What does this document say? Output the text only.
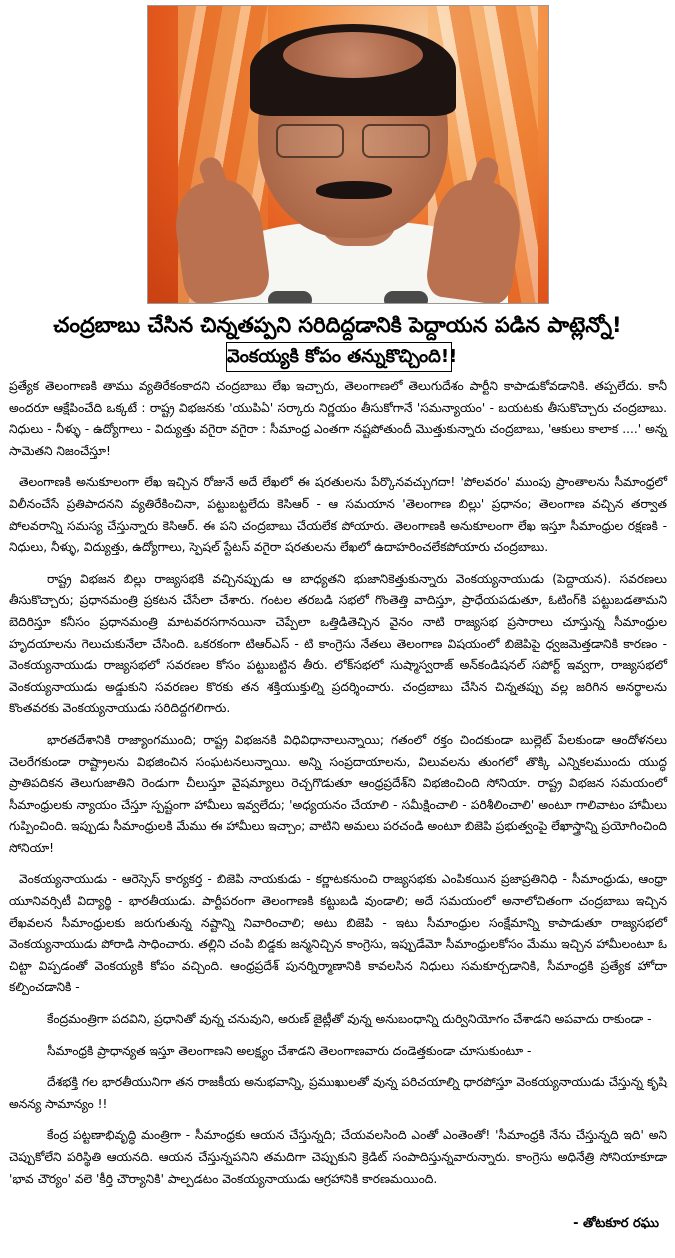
చంద్రబాబు చేసిన చిన్నతప్పని సరిదిద్దడానికి పెద్దాయన పడిన పాట్లెన్నో!
వెంకయ్యకి కోపం తన్నుకొచ్చింది!!

ప్రత్యేక తెలంగాణకి తాము వ్యతిరేకంకాదని చంద్రబాబు లేఖ ఇచ్చారు, తెలంగాణలో తెలుగుదేశం పార్టీని కాపాడుకోవడానికి. తప్పలేదు. కానీ అందరూ ఆక్షేపించేది ఒక్కటే : రాష్ట్ర విభజనకు 'యుపిఏ' సర్కారు నిర్ణయం తీసుకోగానే 'సమన్యాయం' - బయటకు తీసుకొచ్చారు చంద్రబాబు. నిధులు - నీళ్ళు - ఉద్యోగాలు - విద్యుత్తు వగైరా వగైరా : సీమాంధ్ర ఎంతగా నష్టపోతుందీ మొత్తుకున్నారు చంద్రబాబు, 'ఆకులు కాలాక ....' అన్న సామెతని నిజంచేస్తూ!

తెలంగాణకి అనుకూలంగా లేఖ ఇచ్చిన రోజునే అదే లేఖలో ఈ షరతులను పేర్కొనవచ్చుగదా! 'పోలవరం' ముంపు ప్రాంతాలను సీమాంధ్రలో విలీనంచేసే ప్రతిపాదనని వ్యతిరేకించినా, పట్టుబట్టలేదు కెసిఆర్ - ఆ సమయాన 'తెలంగాణ బిల్లు' ప్రధానం; తెలంగాణ వచ్చిన తర్వాత పోలవరాన్ని సమస్య చేస్తున్నారు కెసిఆర్. ఈ పని చంద్రబాబు చేయలేక పోయారు. తెలంగాణకి అనుకూలంగా లేఖ ఇస్తూ సీమాంధ్రుల రక్షణకి - నిధులు, నీళ్ళు, విద్యుత్తు, ఉద్యోగాలు, స్పెషల్ స్టేటస్ వగైరా షరతులను లేఖలో ఉదాహరించలేకపోయారు చంద్రబాబు.

రాష్ట్ర విభజన బిల్లు రాజ్యసభకి వచ్చినప్పుడు ఆ బాధ్యతని భుజానికెత్తుకున్నారు వెంకయ్యనాయుడు (పెద్దాయన). సవరణలు తీసుకొచ్చారు; ప్రధానమంత్రి ప్రకటన చేసేలా చేశారు. గంటల తరబడి సభలో గొంతెత్తి వాదిస్తూ, ప్రాధేయపడుతూ, ఓటింగ్‌కి పట్టుబడతామని బెదిరిస్తూ కనీసం ప్రధానమంత్రి మాటవరసగానయినా చెప్పేలా ఒత్తిడితెచ్చిన వైనం నాటి రాజ్యసభ ప్రసారాలు చూస్తున్న సీమాంధ్రుల హృదయాలను గెలుచుకునేలా చేసింది. ఒకరకంగా టిఆర్‌ఎస్ - టి కాంగ్రెసు నేతలు తెలంగాణ విషయంలో బిజెపిపై ధ్వజమెత్తడానికి కారణం - వెంకయ్యనాయుడు రాజ్యసభలో సవరణల కోసం పట్టుబట్టిన తీరు. లోక్‌సభలో సుష్మాస్వరాజ్ అన్‌కండిషనల్ సపోర్ట్ ఇవ్వగా, రాజ్యసభలో వెంకయ్యనాయుడు అడ్డుకుని సవరణల కొరకు తన శక్తియుక్తుల్ని ప్రదర్శించారు. చంద్రబాబు చేసిన చిన్నతప్పు వల్ల జరిగిన అనర్థాలను కొంతవరకు వెంకయ్యనాయుడు సరిదిద్దగలిగారు.

భారతదేశానికి రాజ్యాంగముంది; రాష్ట్ర విభజనకి విధివిధానాలున్నాయి; గతంలో రక్తం చిందకుండా బుల్లెట్ పేలకుండా ఆందోళనలు చెలరేగకుండా రాష్ట్రాలను విభజించిన సంఘటనలున్నాయి. అన్ని సంప్రదాయాలను, విలువలను తుంగలో తొక్కి ఎన్నికలముందు యుద్ధ ప్రాతిపదికన తెలుగుజాతిని రెండుగా చీలుస్తూ వైషమ్యాలు రెచ్చగొడుతూ ఆంధ్రప్రదేశ్‌ని విభజించింది సోనియా. రాష్ట్ర విభజన సమయంలో సీమాంధ్రులకు న్యాయం చేస్తూ స్పష్టంగా హామీలు ఇవ్వలేదు; 'అధ్యయనం చేయాలి - సమీక్షించాలి - పరిశీలించాలి' అంటూ గాలివాటం హామీలు గుప్పించింది. ఇప్పుడు సీమాంధ్రులకి మేము ఈ హామీలు ఇచ్చాం; వాటిని అమలు పరచండి అంటూ బిజెపి ప్రభుత్వంపై లేఖాస్త్రాన్ని ప్రయోగించింది సోనియా!

వెంకయ్యనాయుడు - ఆరెస్సెస్ కార్యకర్త - బిజెపి నాయకుడు - కర్ణాటకనుంచి రాజ్యసభకు ఎంపికయిన ప్రజాప్రతినిధి - సీమాంధ్రుడు, ఆంధ్రా యూనివర్సిటీ విద్యార్థి - భారతీయుడు. పార్టీపరంగా తెలంగాణకి కట్టుబడి వుండాలి; అదే సమయంలో అనాలోచితంగా చంద్రబాబు ఇచ్చిన లేఖవలన సీమాంధ్రులకు జరుగుతున్న నష్టాన్ని నివారించాలి; అటు బిజెపి - ఇటు సీమాంధ్రుల సంక్షేమాన్ని కాపాడుతూ రాజ్యసభలో వెంకయ్యనాయుడు పోరాడి సాధించారు. తల్లిని చంపి బిడ్డకు జన్మనిచ్చిన కాంగ్రెసు, ఇప్పుడేమో సీమాంధ్రులకోసం మేము ఇచ్చిన హామీలంటూ ఓ చిట్టా విప్పడంతో వెంకయ్యకి కోపం వచ్చింది. ఆంధ్రప్రదేశ్ పునర్నిర్మాణానికి కావలసిన నిధులు సమకూర్చడానికి, సీమాంధ్రకి ప్రత్యేక హోదా కల్పించడానికి -

కేంద్రమంత్రిగా పదవిని, ప్రధానితో వున్న చనువుని, అరుణ్ జైట్లీతో వున్న అనుబంధాన్ని దుర్వినియోగం చేశాడని అపవాదు రాకుండా -

సీమాంధ్రకి ప్రాధాన్యత ఇస్తూ తెలంగాణని అలక్ష్యం చేశాడని తెలంగాణవారు దండెత్తకుండా చూసుకుంటూ -

దేశభక్తి గల భారతీయునిగా తన రాజకీయ అనుభవాన్ని, ప్రముఖులతో వున్న పరిచయాల్ని ధారపోస్తూ వెంకయ్యనాయుడు చేస్తున్న కృషి అనన్య సామాన్యం !!

కేంద్ర పట్టణాభివృద్ధి మంత్రిగా - సీమాంధ్రకు ఆయన చేస్తున్నది; చేయవలసింది ఎంతో ఎంతెంతో! 'సీమాంధ్రకి నేను చేస్తున్నది ఇది' అని చెప్పుకోలేని పరిస్థితి ఆయనది. ఆయన చేస్తున్నపనిని తమదిగా చెప్పుకుని క్రెడిట్ సంపాదిస్తున్నవారున్నారు. కాంగ్రెసు అధినేత్రి సోనియాకూడా 'భావ చౌర్యం' వలె 'కీర్తి చౌర్యానికి' పాల్పడటం వెంకయ్యనాయుడు ఆగ్రహానికి కారణమయింది.

- తోటకూర రఘు
